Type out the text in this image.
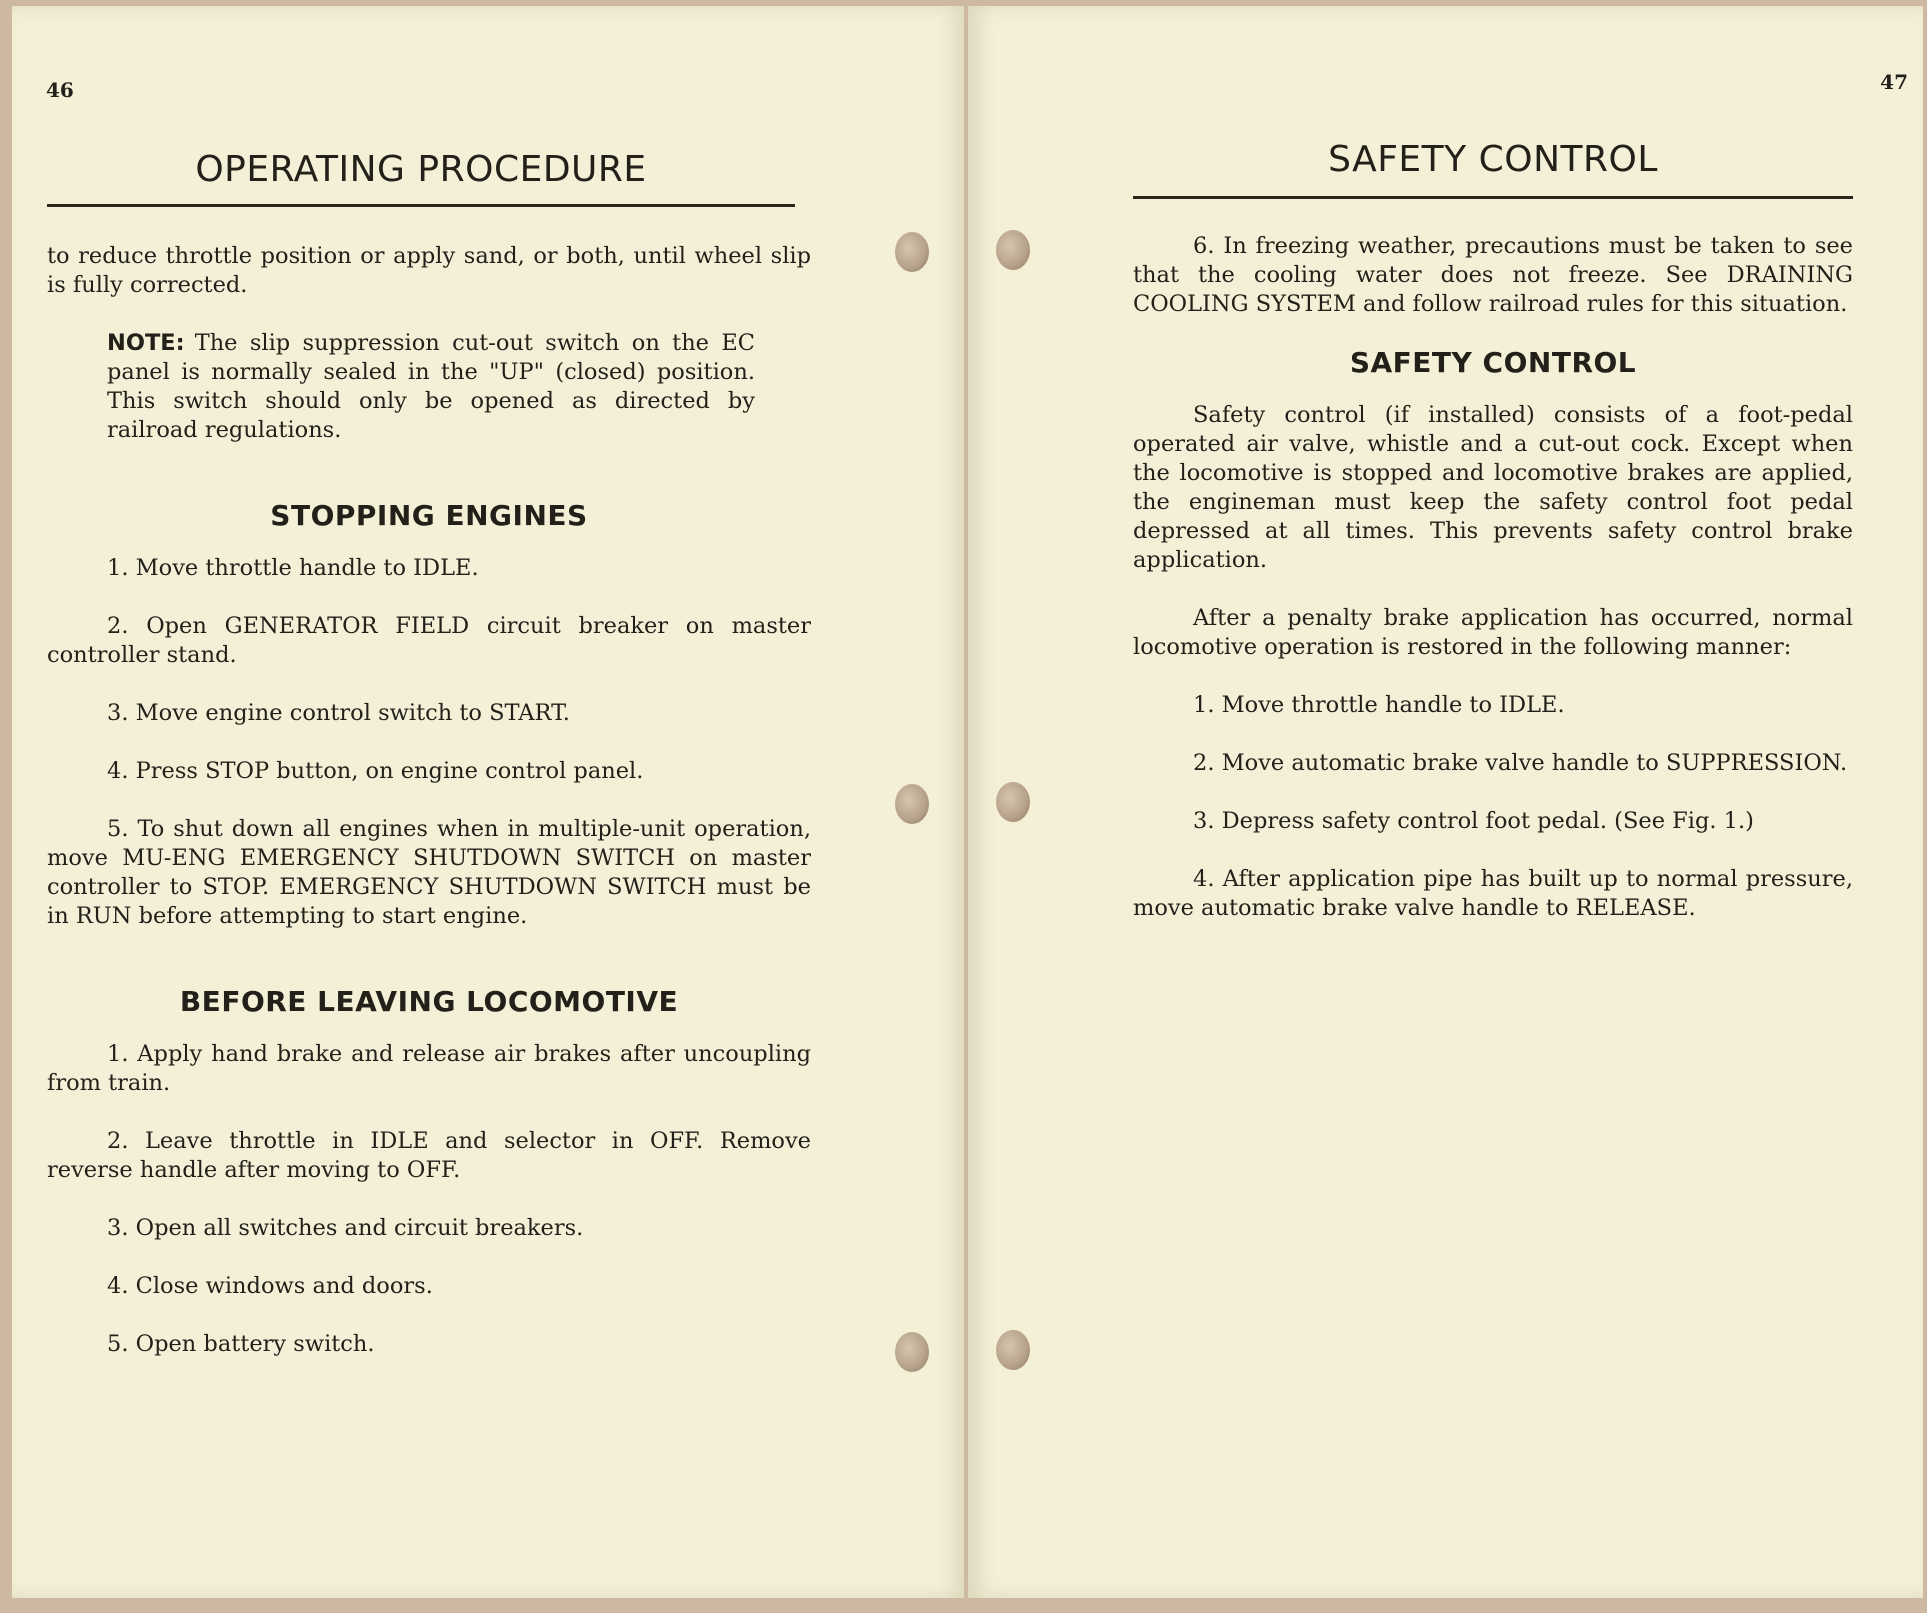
46
OPERATING PROCEDURE

to reduce throttle position or apply sand, or both, until wheel slip is fully corrected.

NOTE: The slip suppression cut-out switch on the EC panel is normally sealed in the "UP" (closed) position. This switch should only be opened as directed by railroad regulations.

STOPPING ENGINES

1. Move throttle handle to IDLE.

2. Open GENERATOR FIELD circuit breaker on master controller stand.

3. Move engine control switch to START.

4. Press STOP button, on engine control panel.

5. To shut down all engines when in multiple-unit operation, move MU-ENG EMERGENCY SHUTDOWN SWITCH on master controller to STOP. EMERGENCY SHUTDOWN SWITCH must be in RUN before attempting to start engine.

BEFORE LEAVING LOCOMOTIVE

1. Apply hand brake and release air brakes after uncoupling from train.

2. Leave throttle in IDLE and selector in OFF. Remove reverse handle after moving to OFF.

3. Open all switches and circuit breakers.

4. Close windows and doors.

5. Open battery switch.

47
SAFETY CONTROL

6. In freezing weather, precautions must be taken to see that the cooling water does not freeze. See DRAINING COOLING SYSTEM and follow railroad rules for this situation.

SAFETY CONTROL

Safety control (if installed) consists of a foot-pedal operated air valve, whistle and a cut-out cock. Except when the locomotive is stopped and locomotive brakes are applied, the engineman must keep the safety control foot pedal depressed at all times. This prevents safety control brake application.

After a penalty brake application has occurred, normal locomotive operation is restored in the following manner:

1. Move throttle handle to IDLE.

2. Move automatic brake valve handle to SUPPRESSION.

3. Depress safety control foot pedal. (See Fig. 1.)

4. After application pipe has built up to normal pressure, move automatic brake valve handle to RELEASE.
